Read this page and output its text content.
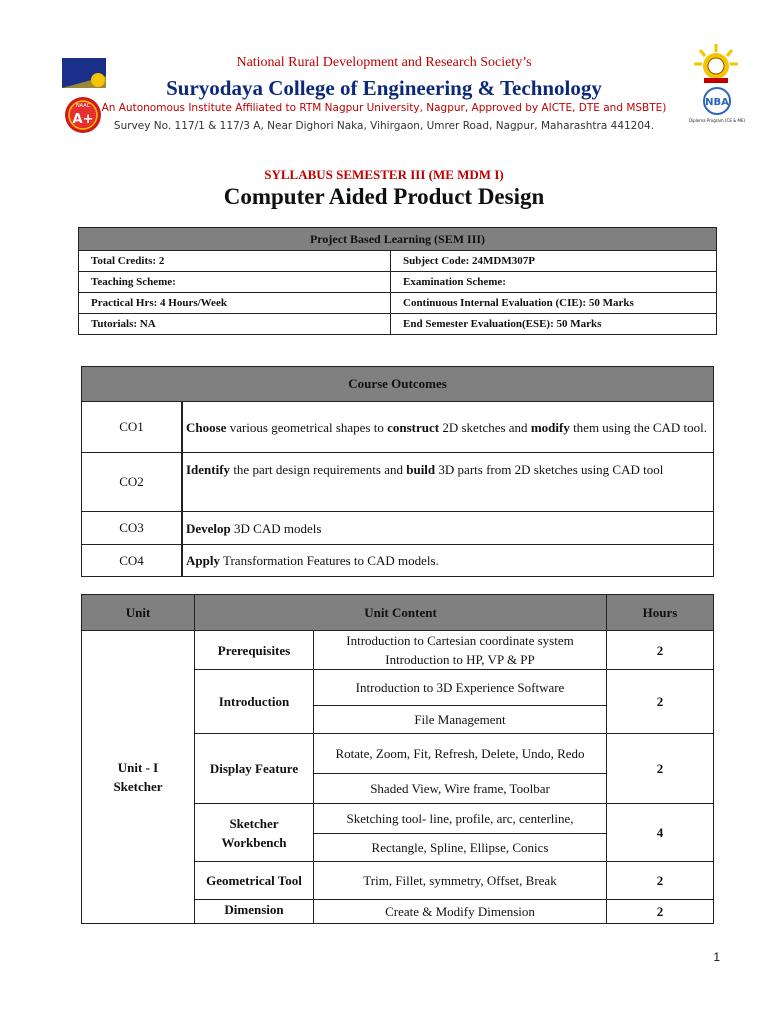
NAAC
A+
NBA
Diploma Program (CE & ME)
National Rural Development and Research Society’s
Suryodaya College of Engineering & Technology
An Autonomous Institute Affiliated to RTM Nagpur University, Nagpur, Approved by AICTE, DTE and MSBTE)
Survey No. 117/1 & 117/3 A, Near Dighori Naka, Vihirgaon, Umrer Road, Nagpur, Maharashtra 441204.
SYLLABUS SEMESTER III (ME MDM I)
Computer Aided Product Design
Project Based Learning (SEM III)	
Total Credits: 2	Subject Code: 24MDM307P
Teaching Scheme:	Examination Scheme:
Practical Hrs: 4 Hours/Week	Continuous Internal Evaluation (CIE): 50 Marks
Tutorials: NA	End Semester Evaluation(ESE): 50 Marks
Course Outcomes	
CO1	Choose various geometrical shapes to construct 2D sketches and modify them using the CAD tool.
CO2	Identify the part design requirements and build 3D parts from 2D sketches using CAD tool
CO3	Develop 3D CAD models
CO4	Apply Transformation Features to CAD models.
Unit	Unit Content		Hours
Unit - I
Sketcher	Prerequisites	Introduction to Cartesian coordinate system Introduction to HP, VP & PP	2
	Introduction	Introduction to 3D Experience Software	2
		File Management	
	Display Feature	Rotate, Zoom, Fit, Refresh, Delete, Undo, Redo	2
		Shaded View, Wire frame, Toolbar	
	Sketcher Workbench	Sketching tool- line, profile, arc, centerline,	4
		Rectangle, Spline, Ellipse, Conics	
	Geometrical Tool	Trim, Fillet, symmetry, Offset, Break	2
	Dimension	Create & Modify Dimension	2
1
